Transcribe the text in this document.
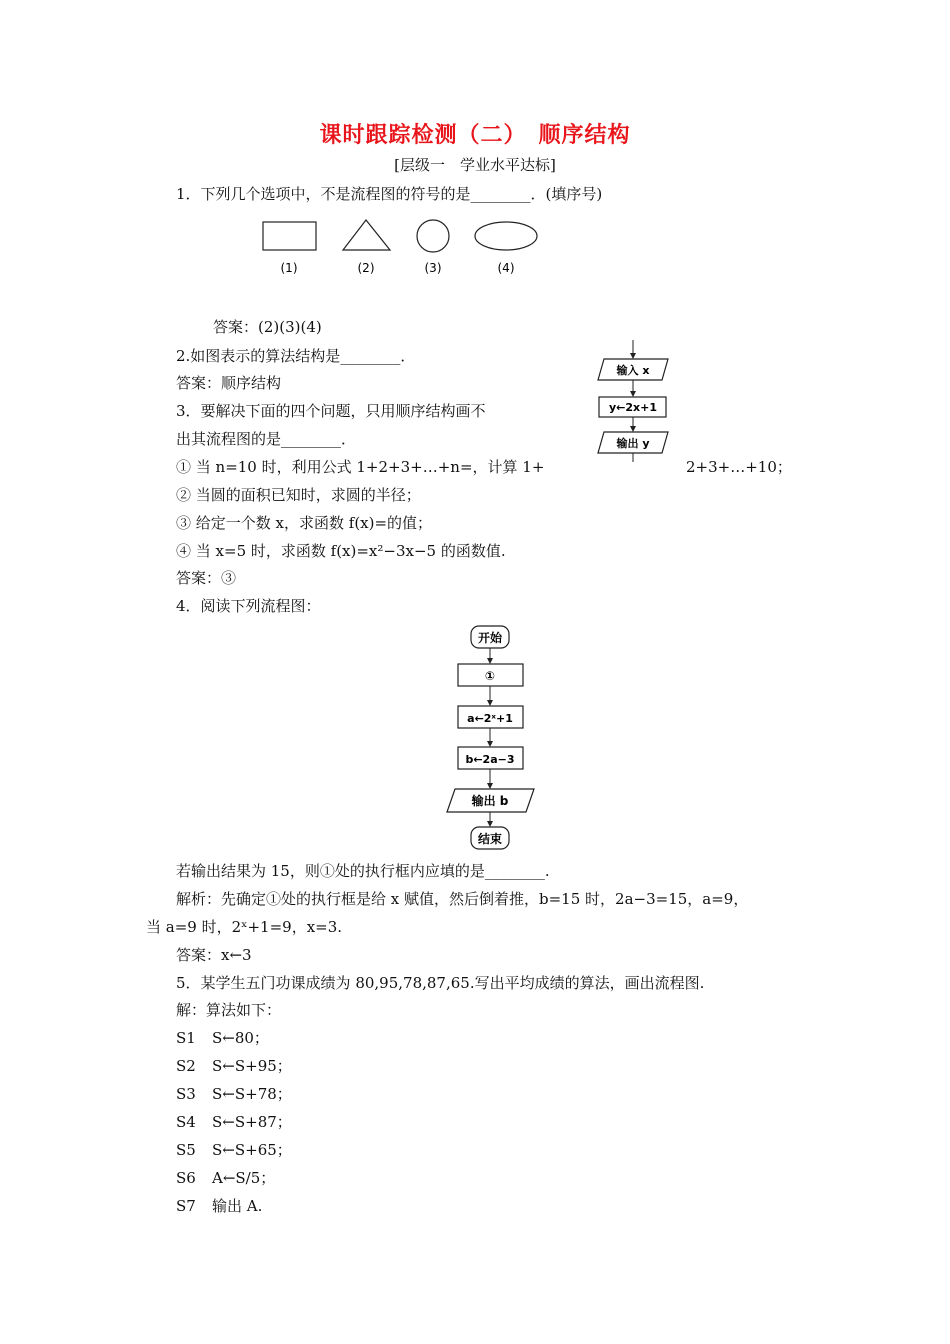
课时跟踪检测（二）　顺序结构
[层级一　学业水平达标]
1．下列几个选项中，不是流程图的符号的是________．(填序号)
(1)	(2)	(3)	(4)
答案：(2)(3)(4)
2.如图表示的算法结构是________．
答案：顺序结构
输入 x
y←2x+1
输出 y
3．要解决下面的四个问题，只用顺序结构画不
出其流程图的是________．
① 当 n=10 时，利用公式 1+2+3+…+n=，计算 1+	2+3+…+10；
② 当圆的面积已知时，求圆的半径；
③ 给定一个数 x，求函数 f(x)=的值；
④ 当 x=5 时，求函数 f(x)=x²−3x−5 的函数值.
答案：③
4．阅读下列流程图：
开始
①
a←2ˣ+1
b←2a−3
输出 b
结束
若输出结果为 15，则①处的执行框内应填的是________.
解析：先确定①处的执行框是给 x 赋值，然后倒着推，b=15 时，2a−3=15，a=9，
当 a=9 时，2ˣ+1=9，x=3.
答案：x←3
5．某学生五门功课成绩为 80,95,78,87,65.写出平均成绩的算法，画出流程图.
解：算法如下：
S1 S←80；
S2 S←S+95；
S3 S←S+78；
S4 S←S+87；
S5 S←S+65；
S6 A←S/5；
S7 输出 A.
